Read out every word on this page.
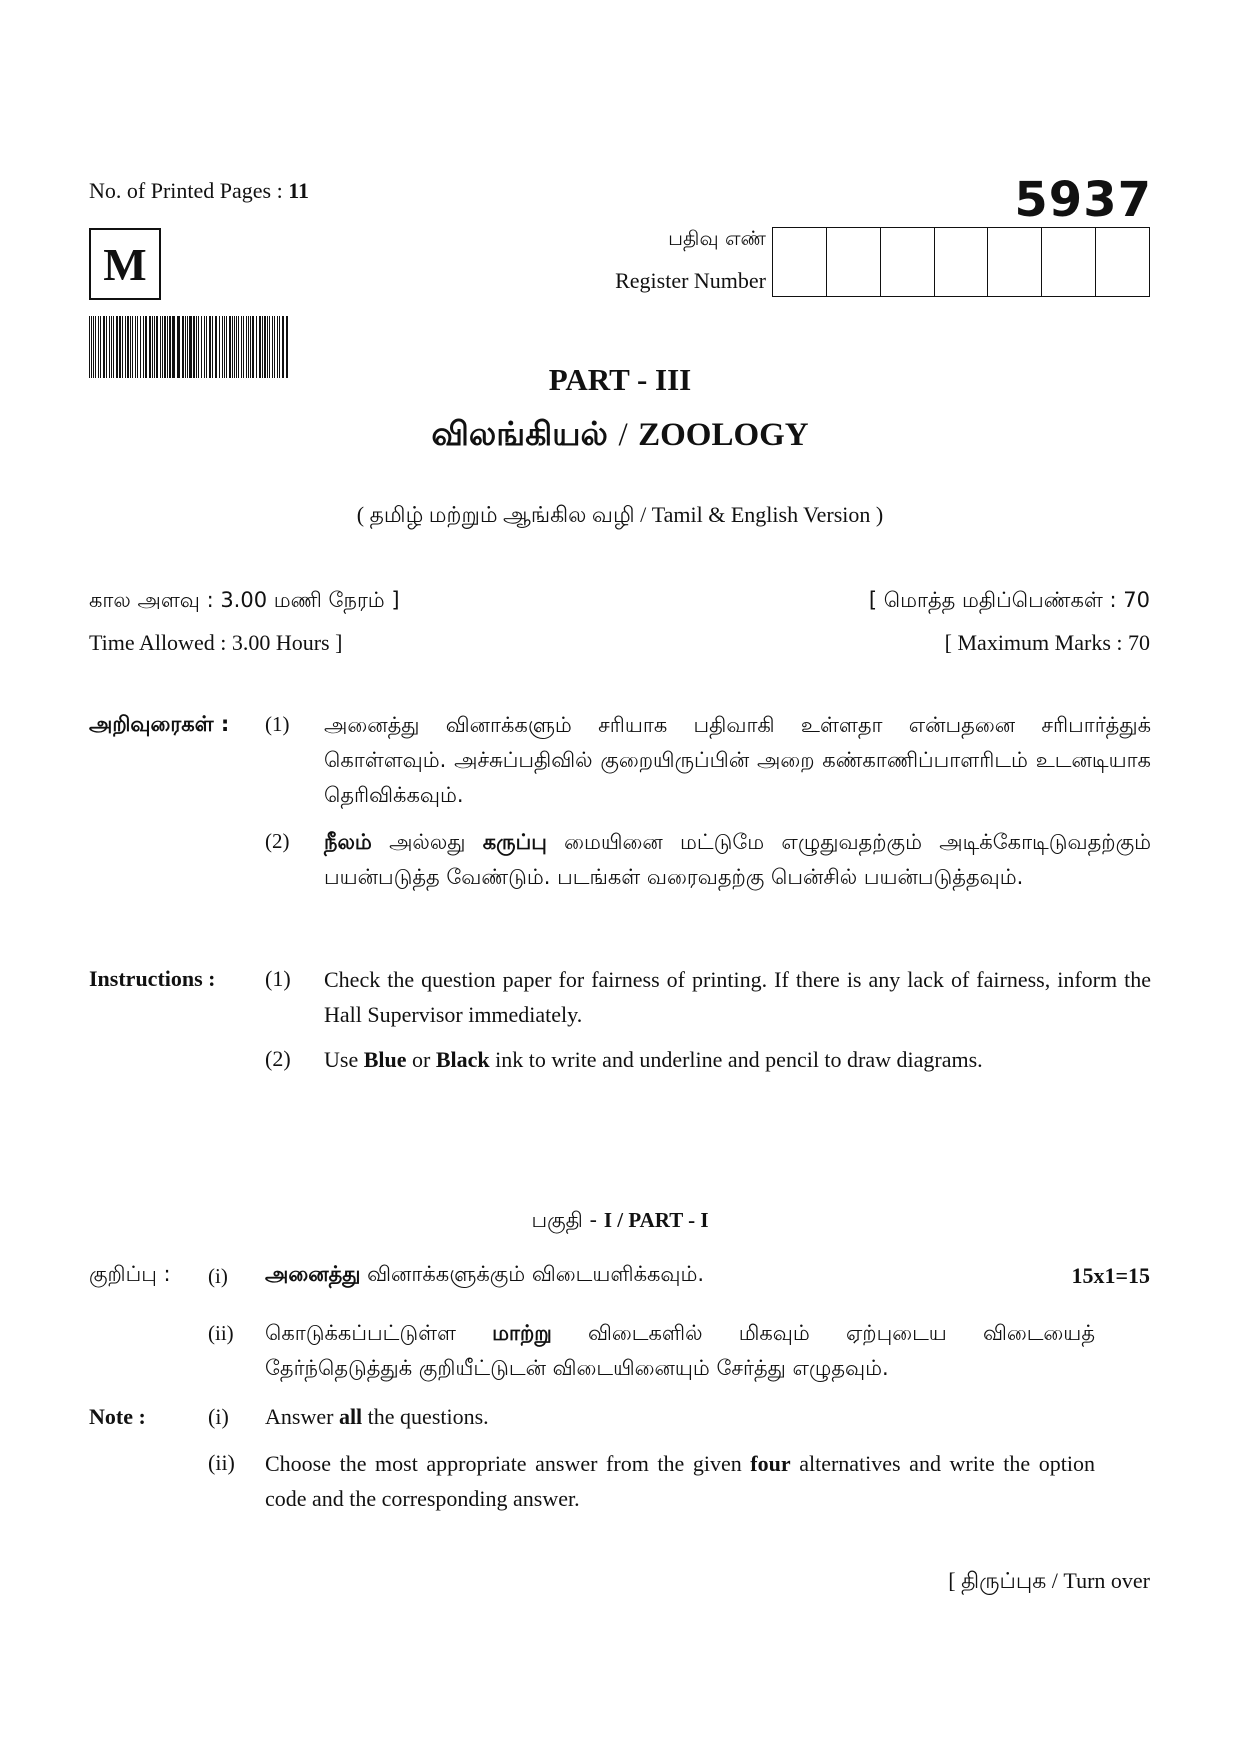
No. of Printed Pages : 11	5937
M
பதிவு எண்
Register Number
PART - III
விலங்கியல் / ZOOLOGY
( தமிழ் மற்றும் ஆங்கில வழி / Tamil & English Version )
கால அளவு : 3.00 மணி நேரம் ]
Time Allowed : 3.00 Hours ]
[ மொத்த மதிப்பெண்கள் : 70
[ Maximum Marks : 70
அறிவுரைகள் : (1) அனைத்து வினாக்களும் சரியாக பதிவாகி உள்ளதா என்பதனை சரிபார்த்துக் கொள்ளவும். அச்சுப்பதிவில் குறையிருப்பின் அறை கண்காணிப்பாளரிடம் உடனடியாக தெரிவிக்கவும்.
(2) நீலம் அல்லது கருப்பு மையினை மட்டுமே எழுதுவதற்கும் அடிக்கோடிடுவதற்கும் பயன்படுத்த வேண்டும். படங்கள் வரைவதற்கு பென்சில் பயன்படுத்தவும்.
Instructions : (1) Check the question paper for fairness of printing. If there is any lack of fairness, inform the Hall Supervisor immediately.
(2) Use Blue or Black ink to write and underline and pencil to draw diagrams.
பகுதி - I / PART - I
குறிப்பு : (i) அனைத்து வினாக்களுக்கும் விடையளிக்கவும்.	15x1=15
(ii) கொடுக்கப்பட்டுள்ள மாற்று விடைகளில் மிகவும் ஏற்புடைய விடையைத் தேர்ந்தெடுத்துக் குறியீட்டுடன் விடையினையும் சேர்த்து எழுதவும்.
Note :	(i) Answer all the questions.
(ii) Choose the most appropriate answer from the given four alternatives and write the option code and the corresponding answer.
[ திருப்புக / Turn over
